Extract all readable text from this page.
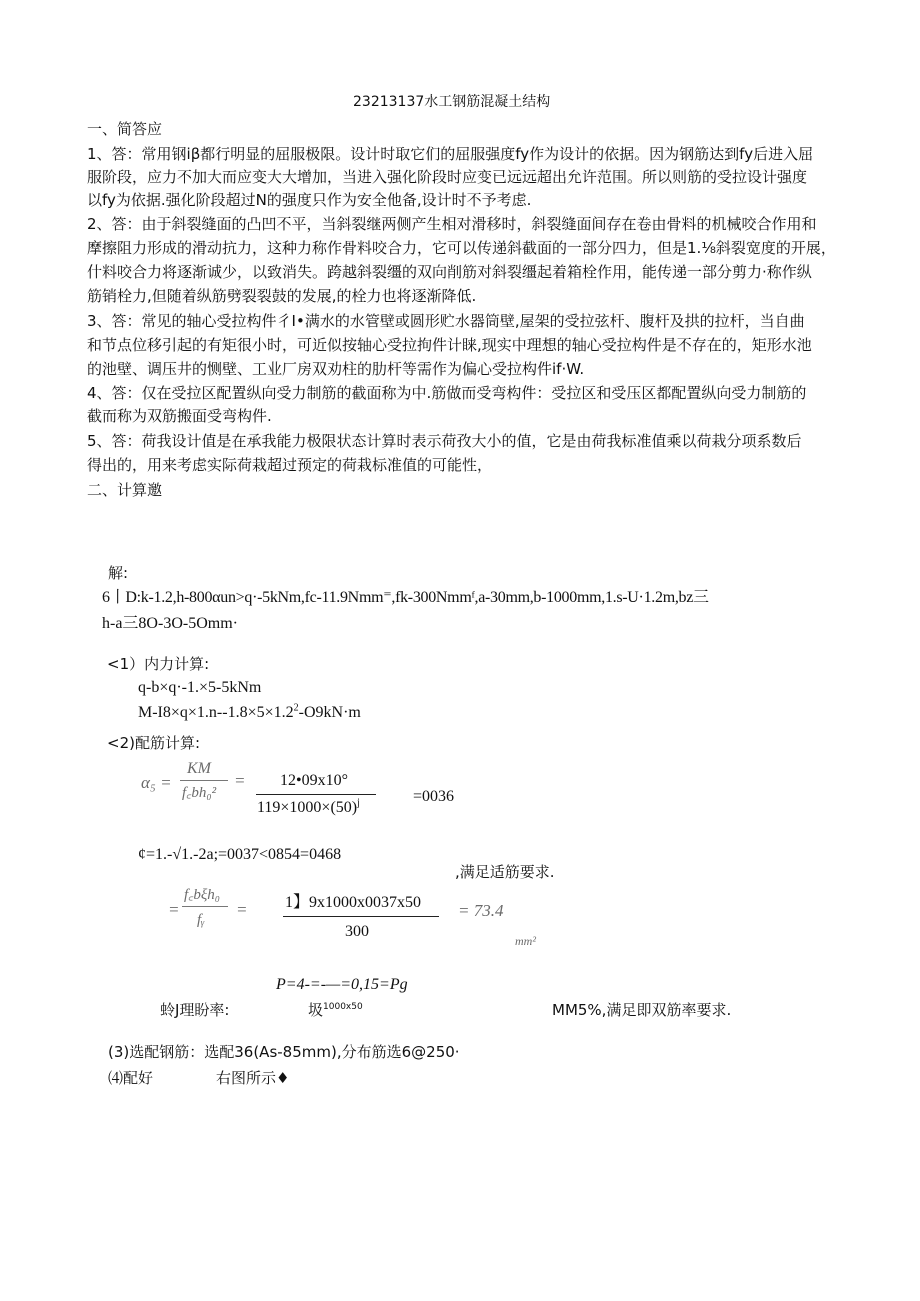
23213137水工钢筋混凝土结构
一、简答应
1、答：常用钢iβ都行明显的屈服极限。设计时取它们的屈服强度fy作为设计的依据。因为钢筋达到fy后进入屈
服阶段，应力不加大而应变大大增加，当进入强化阶段时应变已远远超出允许范围。所以则筋的受拉设计强度
以fy为依据.强化阶段超过N的强度只作为安全他备,设计时不予考虑.
2、答：由于斜裂缝面的凸凹不平，当斜裂继两侧产生相对滑移时，斜裂缝面间存在卷由骨料的机械咬合作用和
摩擦阻力形成的滑动抗力，这种力称作骨料咬合力，它可以传递斜截面的一部分四力，但是1.⅛斜裂宽度的开展，
什料咬合力将逐渐诚少，以致消失。跨越斜裂缰的双向削筋对斜裂缰起着箱栓作用，能传递一部分剪力·称作纵
筋销栓力,但随着纵筋劈裂裂鼓的发展,的栓力也将逐渐降低.
3、答：常见的轴心受拉构件彳I•满水的水管壁或圆形贮水器筒壁,屋架的受拉弦杆、腹杆及拱的拉杆，当自曲
和节点位移引起的有矩很小时，可近似按轴心受拉拘件计睐,现实中理想的轴心受拉构件是不存在的，矩形水池
的池壁、调压井的恻壁、工业厂房双劝柱的肋杆等需作为偏心受拉构件if·W.
4、答：仅在受拉区配置纵向受力制筋的截面称为中.筋做而受弯构件：受拉区和受压区都配置纵向受力制筋的
截而称为双筋搬面受弯构件.
5、答：荷我设计值是在承我能力极限状态计算时表示荷孜大小的值，它是由荷我标准值乘以荷栽分项系数后
得出的，用来考虑实际荷栽超过预定的荷栽标准值的可能性，
二、计算邀
解:
6丨D:k-1.2,h-800αun>q·-5kNm,fc-11.9Nmm⁼,fk-300Nmmᶠ,a-30mm,b-1000mm,1.s-U·1.2m,bz三
h-a三8O-3O-5Omm·
<1）内力计算:
q-b×q·-1.×5-5kNm
$M-I8\times q\times 1.n--1.8\times 5\times 1.2^2-O9kN\cdot m$
<2)配筋计算:
α₅ =
KM
f꜀bh₀²
= 12•09x10°
$119\times 1000\times(50)^j$	=0036
¢=1.-√1.-2a;=0037<0854=0468
,满足适筋要求.
=
f꜀bξh₀
fᵧ
= 1】9x1000x0037x50
300
= 73.4
mm²
P=4-=-—=0,15=Pg
蛉J理盼率:	圾$^{1000x50}$	MM5%,满足即双筋率要求.
(3)选配钢筋：选配36(As-85mm),分布筋选6@250·
⑷配好	右图所示♦
